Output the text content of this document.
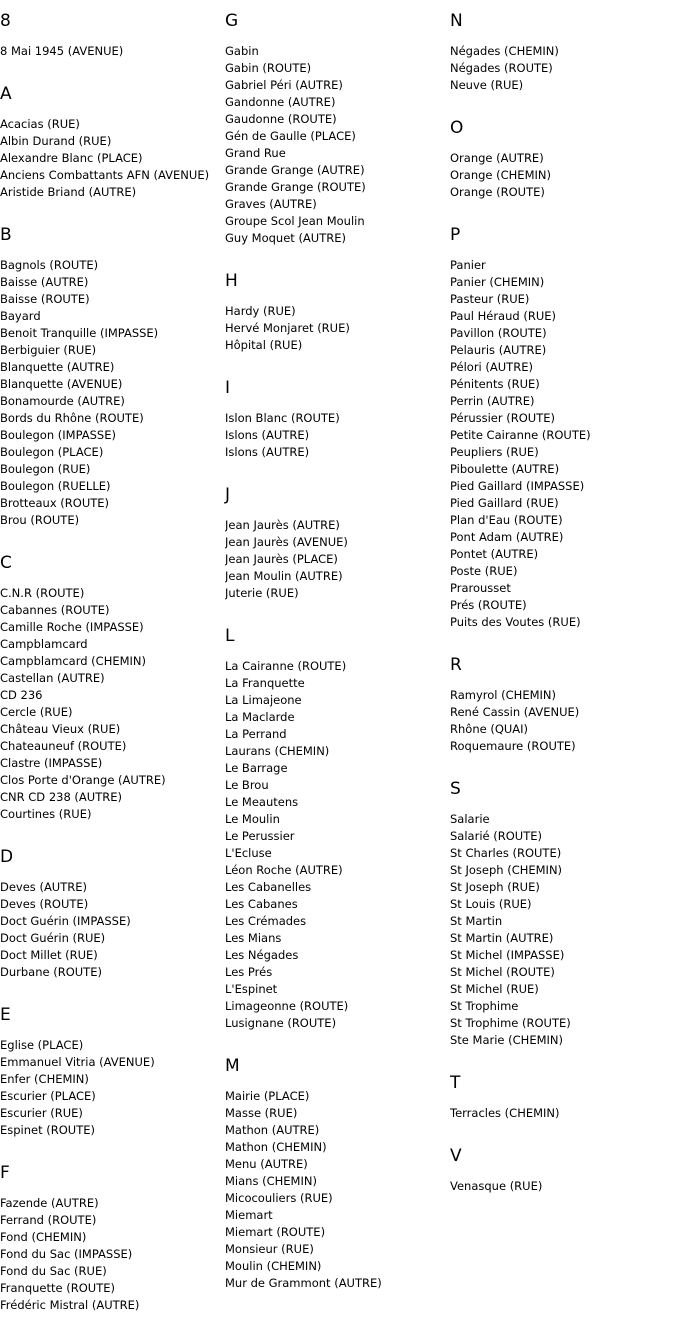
8
8 Mai 1945 (AVENUE)
A
Acacias (RUE)
Albin Durand (RUE)
Alexandre Blanc (PLACE)
Anciens Combattants AFN (AVENUE)
Aristide Briand (AUTRE)
B
Bagnols (ROUTE)
Baisse (AUTRE)
Baisse (ROUTE)
Bayard
Benoit Tranquille (IMPASSE)
Berbiguier (RUE)
Blanquette (AUTRE)
Blanquette (AVENUE)
Bonamourde (AUTRE)
Bords du Rhône (ROUTE)
Boulegon (IMPASSE)
Boulegon (PLACE)
Boulegon (RUE)
Boulegon (RUELLE)
Brotteaux (ROUTE)
Brou (ROUTE)
C
C.N.R (ROUTE)
Cabannes (ROUTE)
Camille Roche (IMPASSE)
Campblamcard
Campblamcard (CHEMIN)
Castellan (AUTRE)
CD 236
Cercle (RUE)
Château Vieux (RUE)
Chateauneuf (ROUTE)
Clastre (IMPASSE)
Clos Porte d'Orange (AUTRE)
CNR CD 238 (AUTRE)
Courtines (RUE)
D
Deves (AUTRE)
Deves (ROUTE)
Doct Guérin (IMPASSE)
Doct Guérin (RUE)
Doct Millet (RUE)
Durbane (ROUTE)
E
Eglise (PLACE)
Emmanuel Vitria (AVENUE)
Enfer (CHEMIN)
Escurier (PLACE)
Escurier (RUE)
Espinet (ROUTE)
F
Fazende (AUTRE)
Ferrand (ROUTE)
Fond (CHEMIN)
Fond du Sac (IMPASSE)
Fond du Sac (RUE)
Franquette (ROUTE)
Frédéric Mistral (AUTRE)
G
Gabin
Gabin (ROUTE)
Gabriel Péri (AUTRE)
Gandonne (AUTRE)
Gaudonne (ROUTE)
Gén de Gaulle (PLACE)
Grand Rue
Grande Grange (AUTRE)
Grande Grange (ROUTE)
Graves (AUTRE)
Groupe Scol Jean Moulin
Guy Moquet (AUTRE)
H
Hardy (RUE)
Hervé Monjaret (RUE)
Hôpital (RUE)
I
Islon Blanc (ROUTE)
Islons (AUTRE)
Islons (AUTRE)
J
Jean Jaurès (AUTRE)
Jean Jaurès (AVENUE)
Jean Jaurès (PLACE)
Jean Moulin (AUTRE)
Juterie (RUE)
L
La Cairanne (ROUTE)
La Franquette
La Limajeone
La Maclarde
La Perrand
Laurans (CHEMIN)
Le Barrage
Le Brou
Le Meautens
Le Moulin
Le Perussier
L'Ecluse
Léon Roche (AUTRE)
Les Cabanelles
Les Cabanes
Les Crémades
Les Mians
Les Négades
Les Prés
L'Espinet
Limageonne (ROUTE)
Lusignane (ROUTE)
M
Mairie (PLACE)
Masse (RUE)
Mathon (AUTRE)
Mathon (CHEMIN)
Menu (AUTRE)
Mians (CHEMIN)
Micocouliers (RUE)
Miemart
Miemart (ROUTE)
Monsieur (RUE)
Moulin (CHEMIN)
Mur de Grammont (AUTRE)
N
Négades (CHEMIN)
Négades (ROUTE)
Neuve (RUE)
O
Orange (AUTRE)
Orange (CHEMIN)
Orange (ROUTE)
P
Panier
Panier (CHEMIN)
Pasteur (RUE)
Paul Héraud (RUE)
Pavillon (ROUTE)
Pelauris (AUTRE)
Pélori (AUTRE)
Pénitents (RUE)
Perrin (AUTRE)
Pérussier (ROUTE)
Petite Cairanne (ROUTE)
Peupliers (RUE)
Piboulette (AUTRE)
Pied Gaillard (IMPASSE)
Pied Gaillard (RUE)
Plan d'Eau (ROUTE)
Pont Adam (AUTRE)
Pontet (AUTRE)
Poste (RUE)
Prarousset
Prés (ROUTE)
Puits des Voutes (RUE)
R
Ramyrol (CHEMIN)
René Cassin (AVENUE)
Rhône (QUAI)
Roquemaure (ROUTE)
S
Salarie
Salarié (ROUTE)
St Charles (ROUTE)
St Joseph (CHEMIN)
St Joseph (RUE)
St Louis (RUE)
St Martin
St Martin (AUTRE)
St Michel (IMPASSE)
St Michel (ROUTE)
St Michel (RUE)
St Trophime
St Trophime (ROUTE)
Ste Marie (CHEMIN)
T
Terracles (CHEMIN)
V
Venasque (RUE)
